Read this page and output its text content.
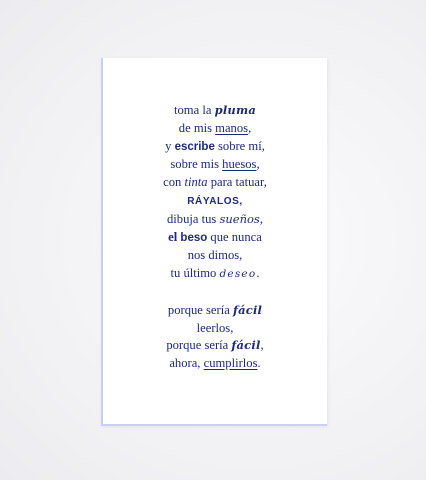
toma la pluma
de mis manos,
y escribe sobre mí,
sobre mis huesos,
con tinta para tatuar,
RÁYALOS,
dibuja tus sueños,
el beso que nunca
nos dimos,
tu último deseo.
porque sería fácil
leerlos,
porque sería fácil,
ahora, cumplirlos.
